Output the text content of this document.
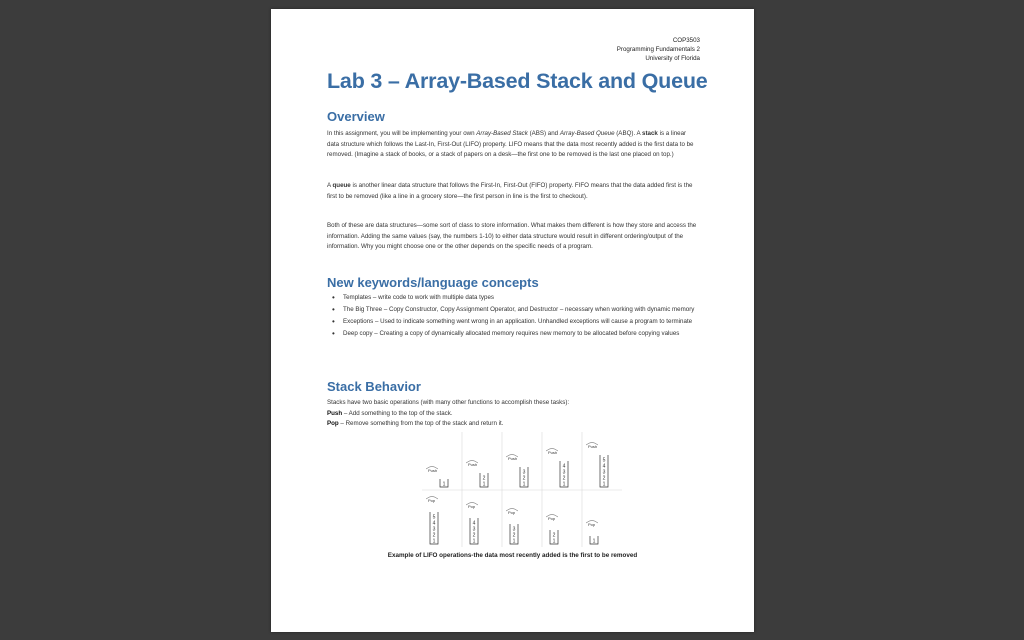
COP3503
Programming Fundamentals 2
University of Florida
Lab 3 – Array-Based Stack and Queue
Overview

In this assignment, you will be implementing your own Array-Based Stack (ABS) and Array-Based Queue (ABQ). A stack is a linear data structure which follows the Last-In, First-Out (LIFO) property. LIFO means that the data most recently added is the first data to be removed. (Imagine a stack of books, or a stack of papers on a desk—the first one to be removed is the last one placed on top.)

A queue is another linear data structure that follows the First-In, First-Out (FIFO) property. FIFO means that the data added first is the first to be removed (like a line in a grocery store—the first person in line is the first to checkout).

Both of these are data structures—some sort of class to store information. What makes them different is how they store and access the information. Adding the same values (say, the numbers 1-10) to either data structure would result in different ordering/output of the information. Why you might choose one or the other depends on the specific needs of a program.

New keywords/language concepts
• Templates – write code to work with multiple data types
• The Big Three – Copy Constructor, Copy Assignment Operator, and Destructor – necessary when working with dynamic memory
• Exceptions – Used to indicate something went wrong in an application. Unhandled exceptions will cause a program to terminate
• Deep copy – Creating a copy of dynamically allocated memory requires new memory to be allocated before copying values
Stack Behavior
Stacks have two basic operations (with many other functions to accomplish these tasks):
Push – Add something to the top of the stack.
Pop – Remove something from the top of the stack and return it.
Push
1
Push
1
2
Push
1
2
3
Push
1
2
3
4
Push
1
2
3
4
5
Pop
1
2
3
4
5
Pop
1
2
3
4
Pop
1
2
3
Pop
1
2
Pop
1
Example of LIFO operations-the data most recently added is the first to be removed
